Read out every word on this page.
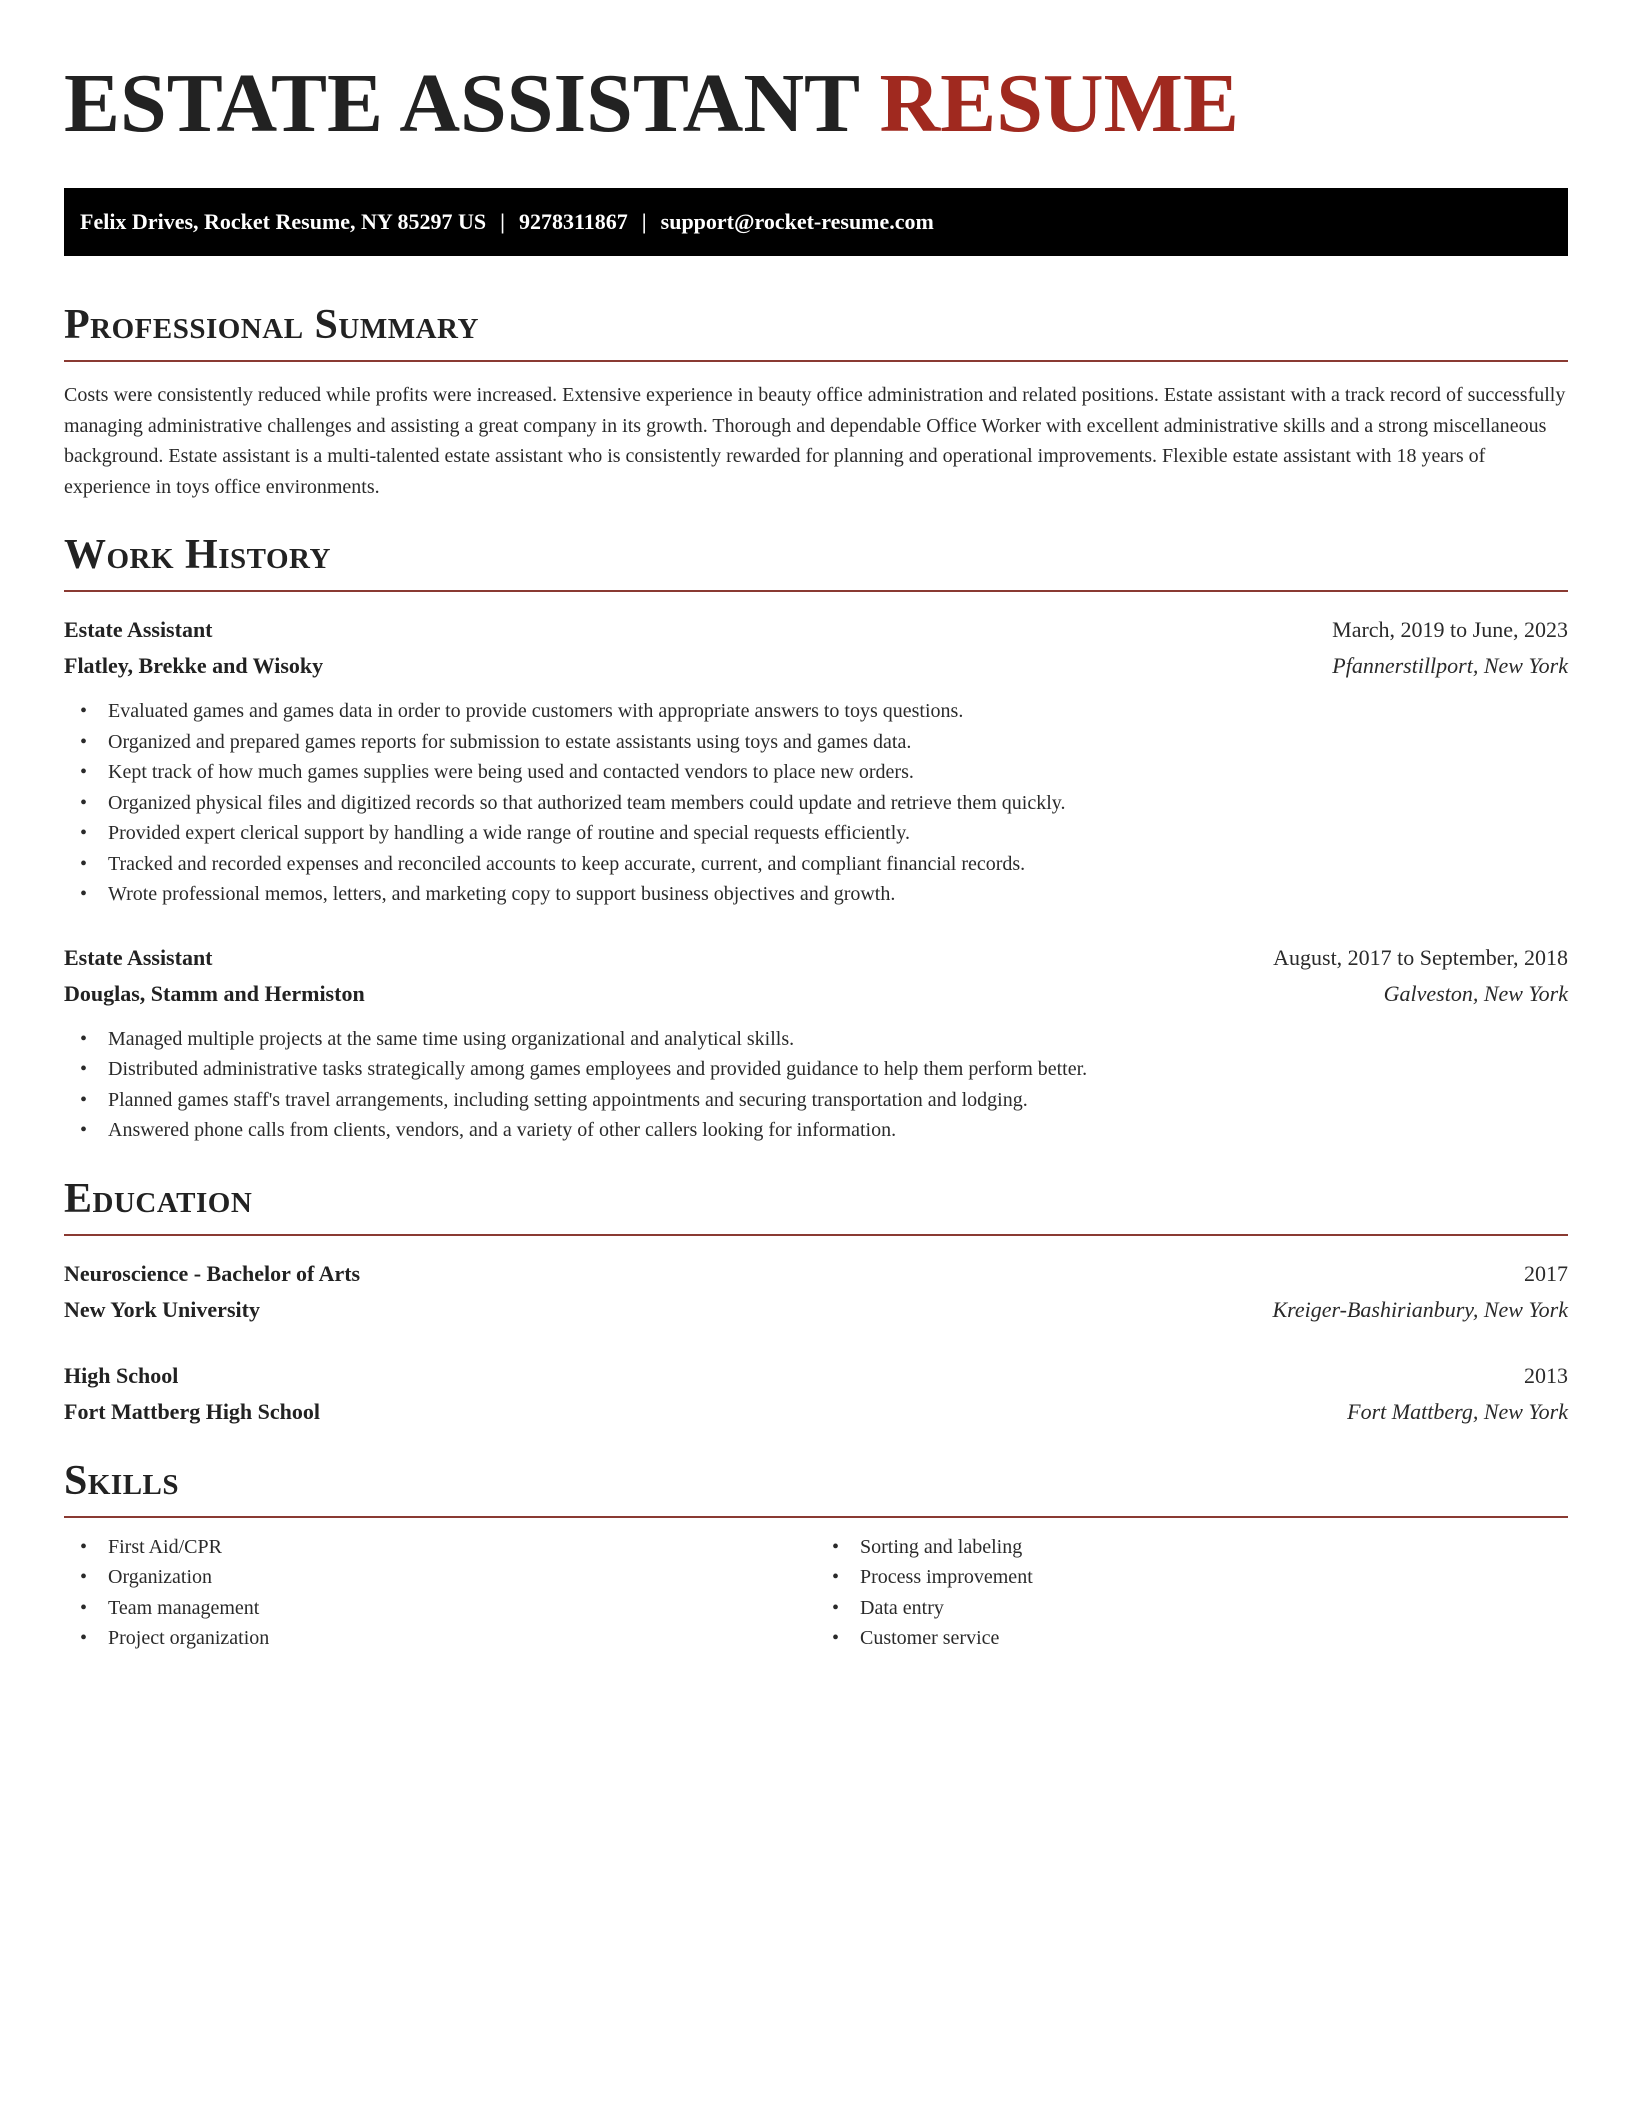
ESTATE ASSISTANT RESUME
Felix Drives, Rocket Resume, NY 85297 US | 9278311867 | support@rocket-resume.com
Professional Summary

Costs were consistently reduced while profits were increased. Extensive experience in beauty office administration and related positions. Estate assistant with a track record of successfully managing administrative challenges and assisting a great company in its growth. Thorough and dependable Office Worker with excellent administrative skills and a strong miscellaneous background. Estate assistant is a multi-talented estate assistant who is consistently rewarded for planning and operational improvements. Flexible estate assistant with 18 years of experience in toys office environments.

Work History
Estate Assistant	March, 2019 to June, 2023
Flatley, Brekke and Wisoky	Pfannerstillport, New York
• Evaluated games and games data in order to provide customers with appropriate answers to toys questions.
• Organized and prepared games reports for submission to estate assistants using toys and games data.
• Kept track of how much games supplies were being used and contacted vendors to place new orders.
• Organized physical files and digitized records so that authorized team members could update and retrieve them quickly.
• Provided expert clerical support by handling a wide range of routine and special requests efficiently.
• Tracked and recorded expenses and reconciled accounts to keep accurate, current, and compliant financial records.
• Wrote professional memos, letters, and marketing copy to support business objectives and growth.
Estate Assistant	August, 2017 to September, 2018
Douglas, Stamm and Hermiston	Galveston, New York
• Managed multiple projects at the same time using organizational and analytical skills.
• Distributed administrative tasks strategically among games employees and provided guidance to help them perform better.
• Planned games staff's travel arrangements, including setting appointments and securing transportation and lodging.
• Answered phone calls from clients, vendors, and a variety of other callers looking for information.
Education
Neuroscience - Bachelor of Arts	2017
New York University	Kreiger-Bashirianbury, New York
High School	2013
Fort Mattberg High School	Fort Mattberg, New York
Skills
• First Aid/CPR
• Organization
• Team management
• Project organization
• Sorting and labeling
• Process improvement
• Data entry
• Customer service
